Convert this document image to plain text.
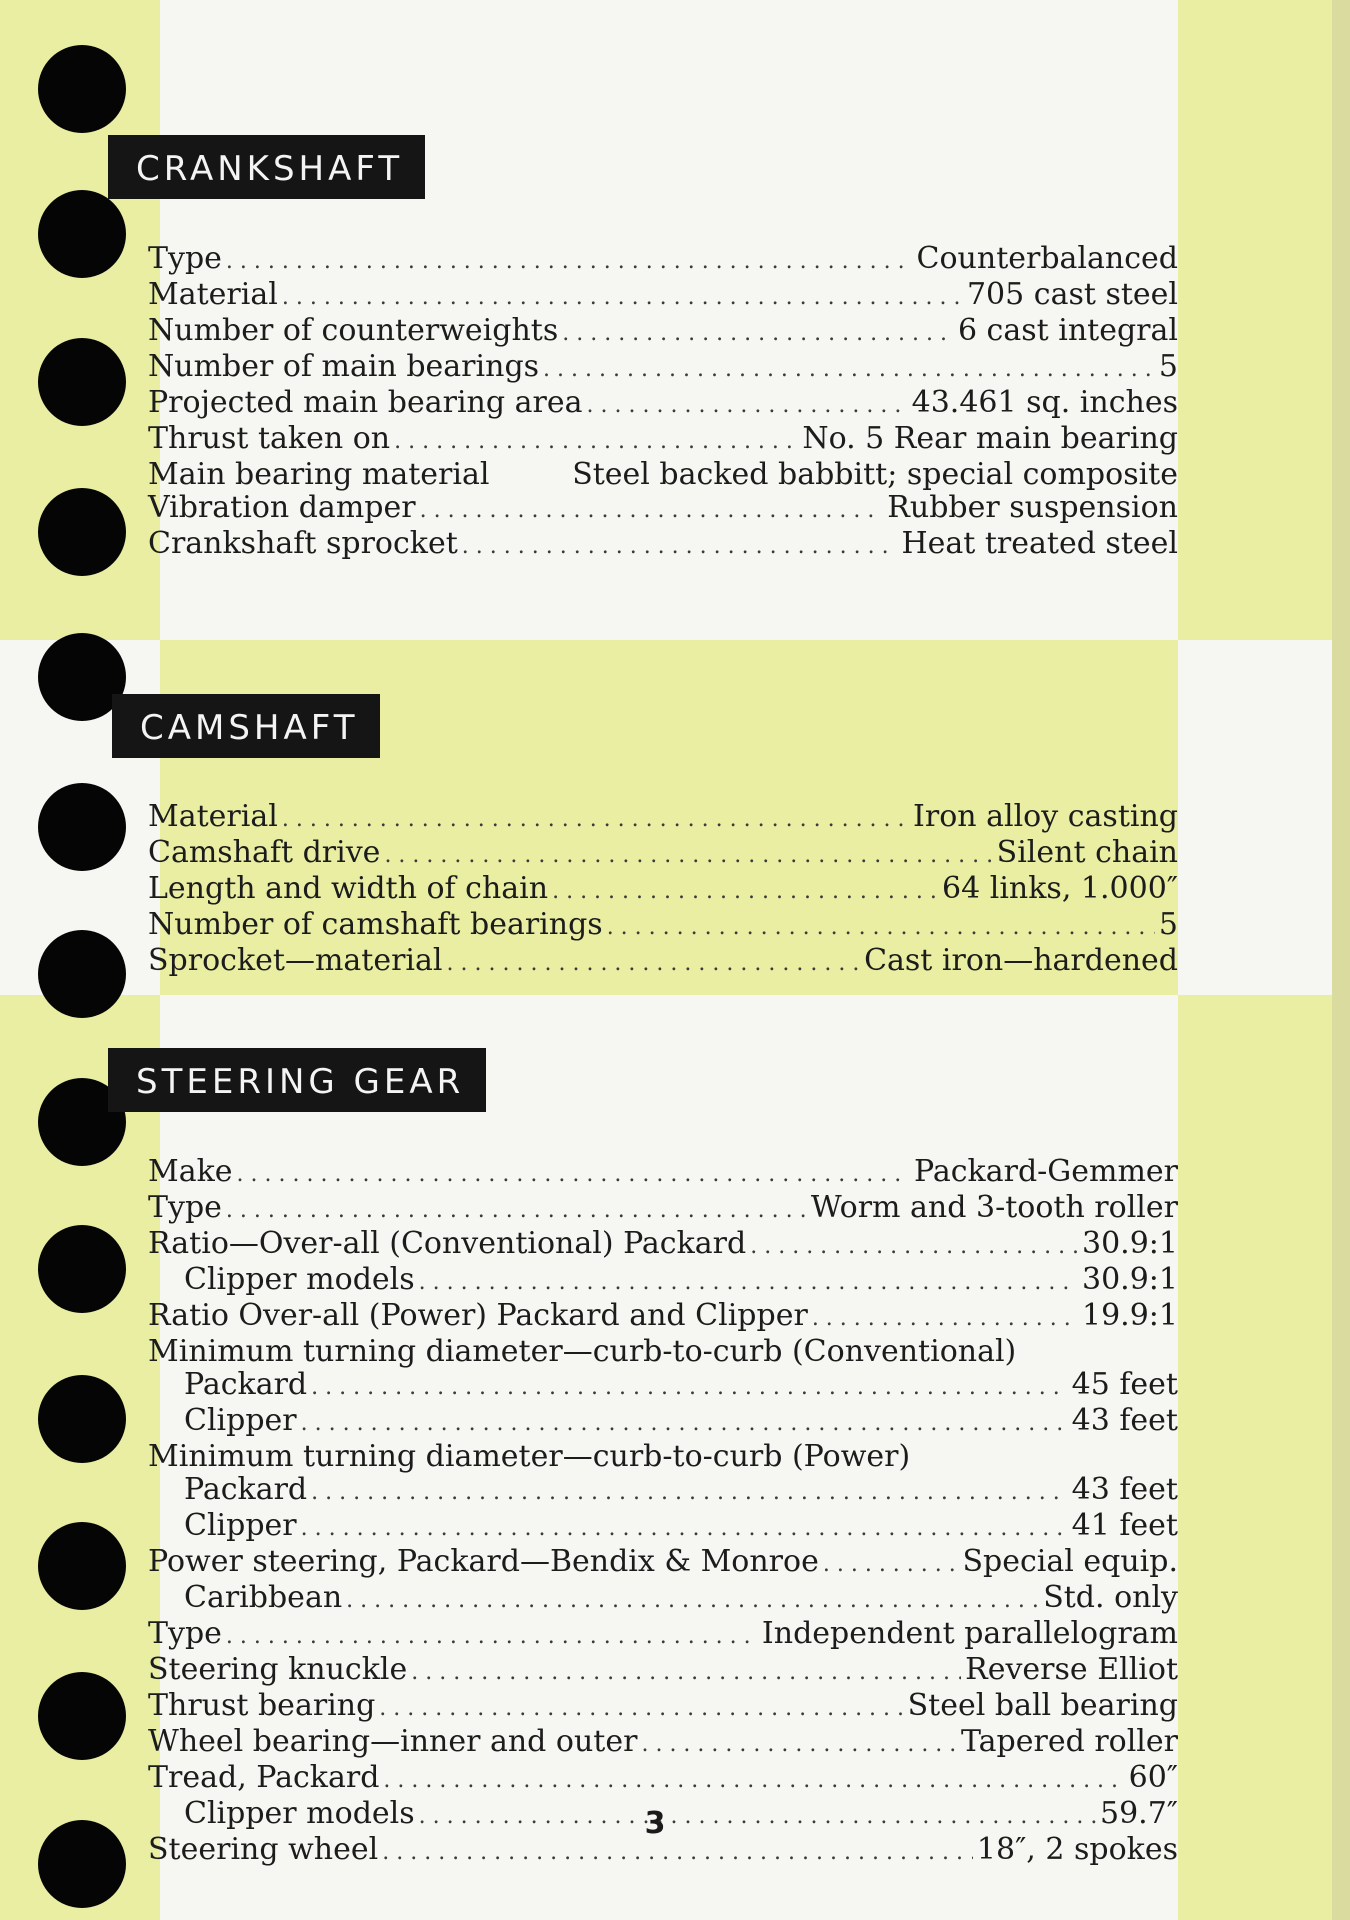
CRANKSHAFT
Type .....	Counterbalanced
Material .....	705 cast steel
Number of counterweights .....	6 cast integral
Number of main bearings .....	5
Projected main bearing area .....	43.461 sq. inches
Thrust taken on .....	No. 5 Rear main bearing
Main bearing material	Steel backed babbitt; special composite
Vibration damper .....	Rubber suspension
Crankshaft sprocket .....	Heat treated steel
CAMSHAFT
Material .....	Iron alloy casting
Camshaft drive .....	Silent chain
Length and width of chain .....	64 links, 1.000″
Number of camshaft bearings .....	5
Sprocket—material .....	Cast iron—hardened
STEERING GEAR
Make .....	Packard-Gemmer
Type .....	Worm and 3-tooth roller
Ratio—Over-all (Conventional) Packard .....	30.9:1
Clipper models .....	30.9:1
Ratio Over-all (Power) Packard and Clipper .....	19.9:1
Minimum turning diameter—curb-to-curb (Conventional)
Packard .....	45 feet
Clipper .....	43 feet
Minimum turning diameter—curb-to-curb (Power)
Packard .....	43 feet
Clipper .....	41 feet
Power steering, Packard—Bendix & Monroe .....	Special equip.
Caribbean .....	Std. only
Type .....	Independent parallelogram
Steering knuckle .....	Reverse Elliot
Thrust bearing .....	Steel ball bearing
Wheel bearing—inner and outer .....	Tapered roller
Tread, Packard .....	60″
Clipper models .....	59.7″
Steering wheel .....	18″, 2 spokes
3
